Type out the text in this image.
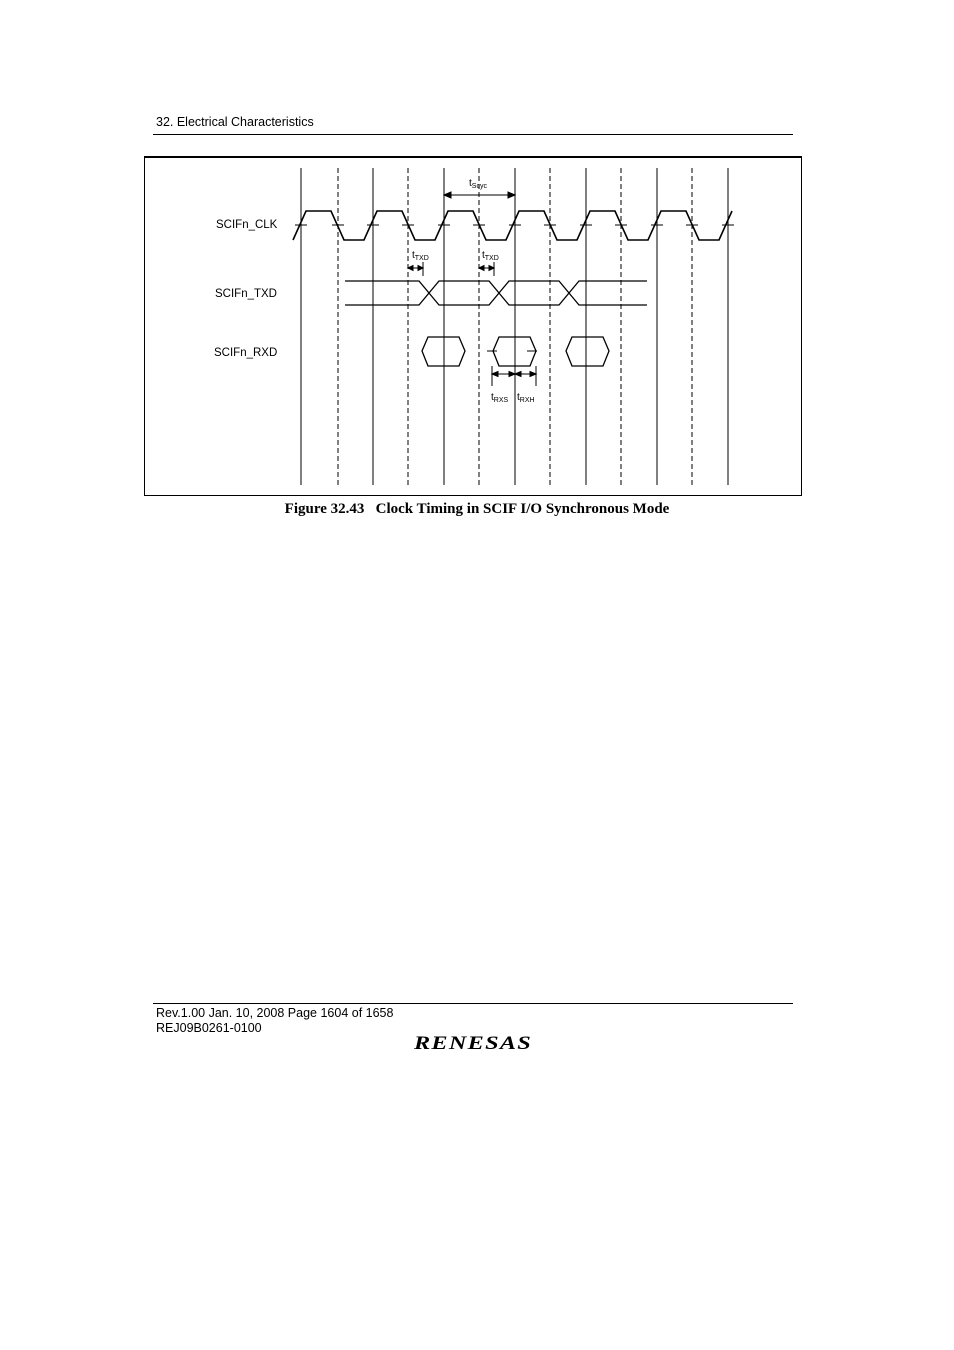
32. Electrical Characteristics
SCIFn_CLK
SCIFn_TXD
SCIFn_RXD
$t_{Scyc}$
$t_{TXD}$	$t_{TXD}$
$t_{RXS}$ $t_{RXH}$
Figure 32.43   Clock Timing in SCIF I/O Synchronous Mode
Rev.1.00 Jan. 10, 2008 Page 1604 of 1658
REJ09B0261-0100
RENESAS
